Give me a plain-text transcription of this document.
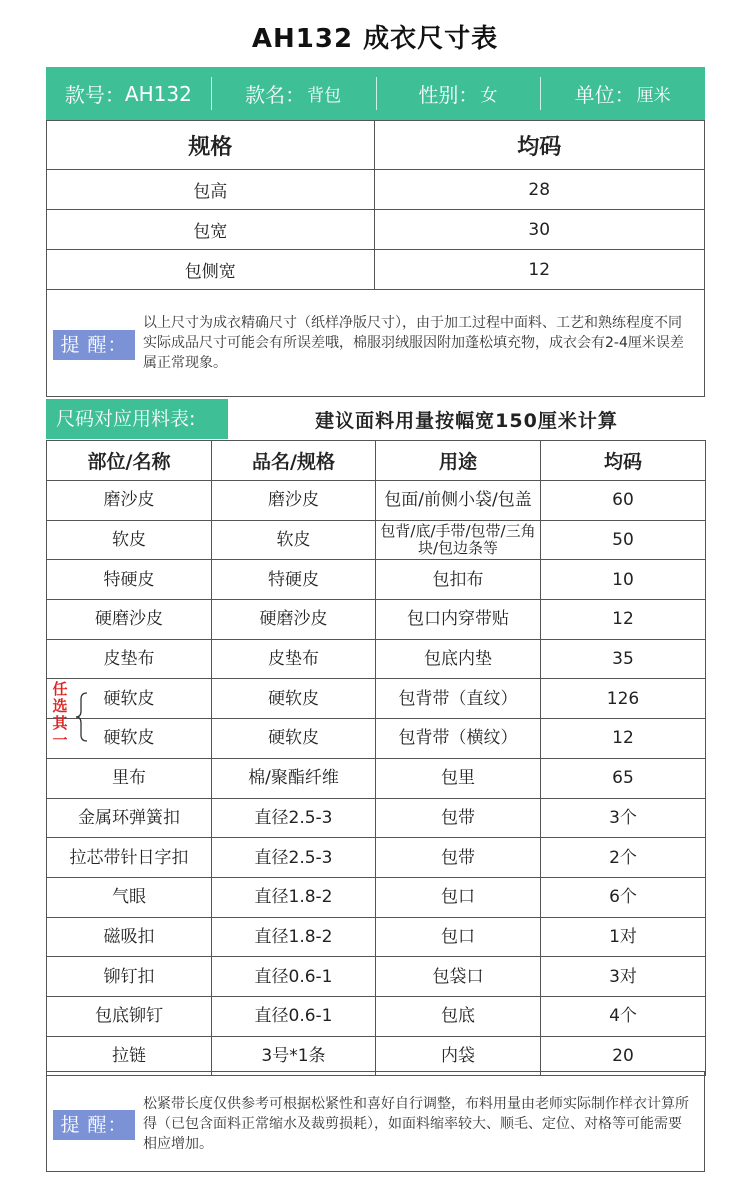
AH132 成衣尺寸表
款号： AH132	款名： 背包	性别： 女	单位： 厘米
规格	均码
包高	28
包宽	30
包侧宽	12
提 醒：
以上尺寸为成衣精确尺寸（纸样净版尺寸），由于加工过程中面料、工艺和熟练程度不同实际成品尺寸可能会有所误差哦，棉服羽绒服因附加蓬松填充物，成衣会有2-4厘米误差属正常现象。
尺码对应用料表:	建议面料用量按幅宽150厘米计算
部位/名称	品名/规格	用途	均码
磨沙皮	磨沙皮	包面/前侧小袋/包盖	60
软皮	软皮	包背/底/手带/包带/三角块/包边条等	50
特硬皮	特硬皮	包扣布	10
硬磨沙皮	硬磨沙皮	包口内穿带贴	12
皮垫布	皮垫布	包底内垫	35
硬软皮	硬软皮	包背带（直纹）	126
硬软皮	硬软皮	包背带（横纹）	12
里布	棉/聚酯纤维	包里	65
金属环弹簧扣	直径2.5-3	包带	3个
拉芯带针日字扣	直径2.5-3	包带	2个
气眼	直径1.8-2	包口	6个
磁吸扣	直径1.8-2	包口	1对
铆钉扣	直径0.6-1	包袋口	3对
包底铆钉	直径0.6-1	包底	4个
拉链	3号*1条	内袋	20
任
选
其
一
提 醒：
松紧带长度仅供参考可根据松紧性和喜好自行调整，布料用量由老师实际制作样衣计算所得（已包含面料正常缩水及裁剪损耗），如面料缩率较大、顺毛、定位、对格等可能需要相应增加。
